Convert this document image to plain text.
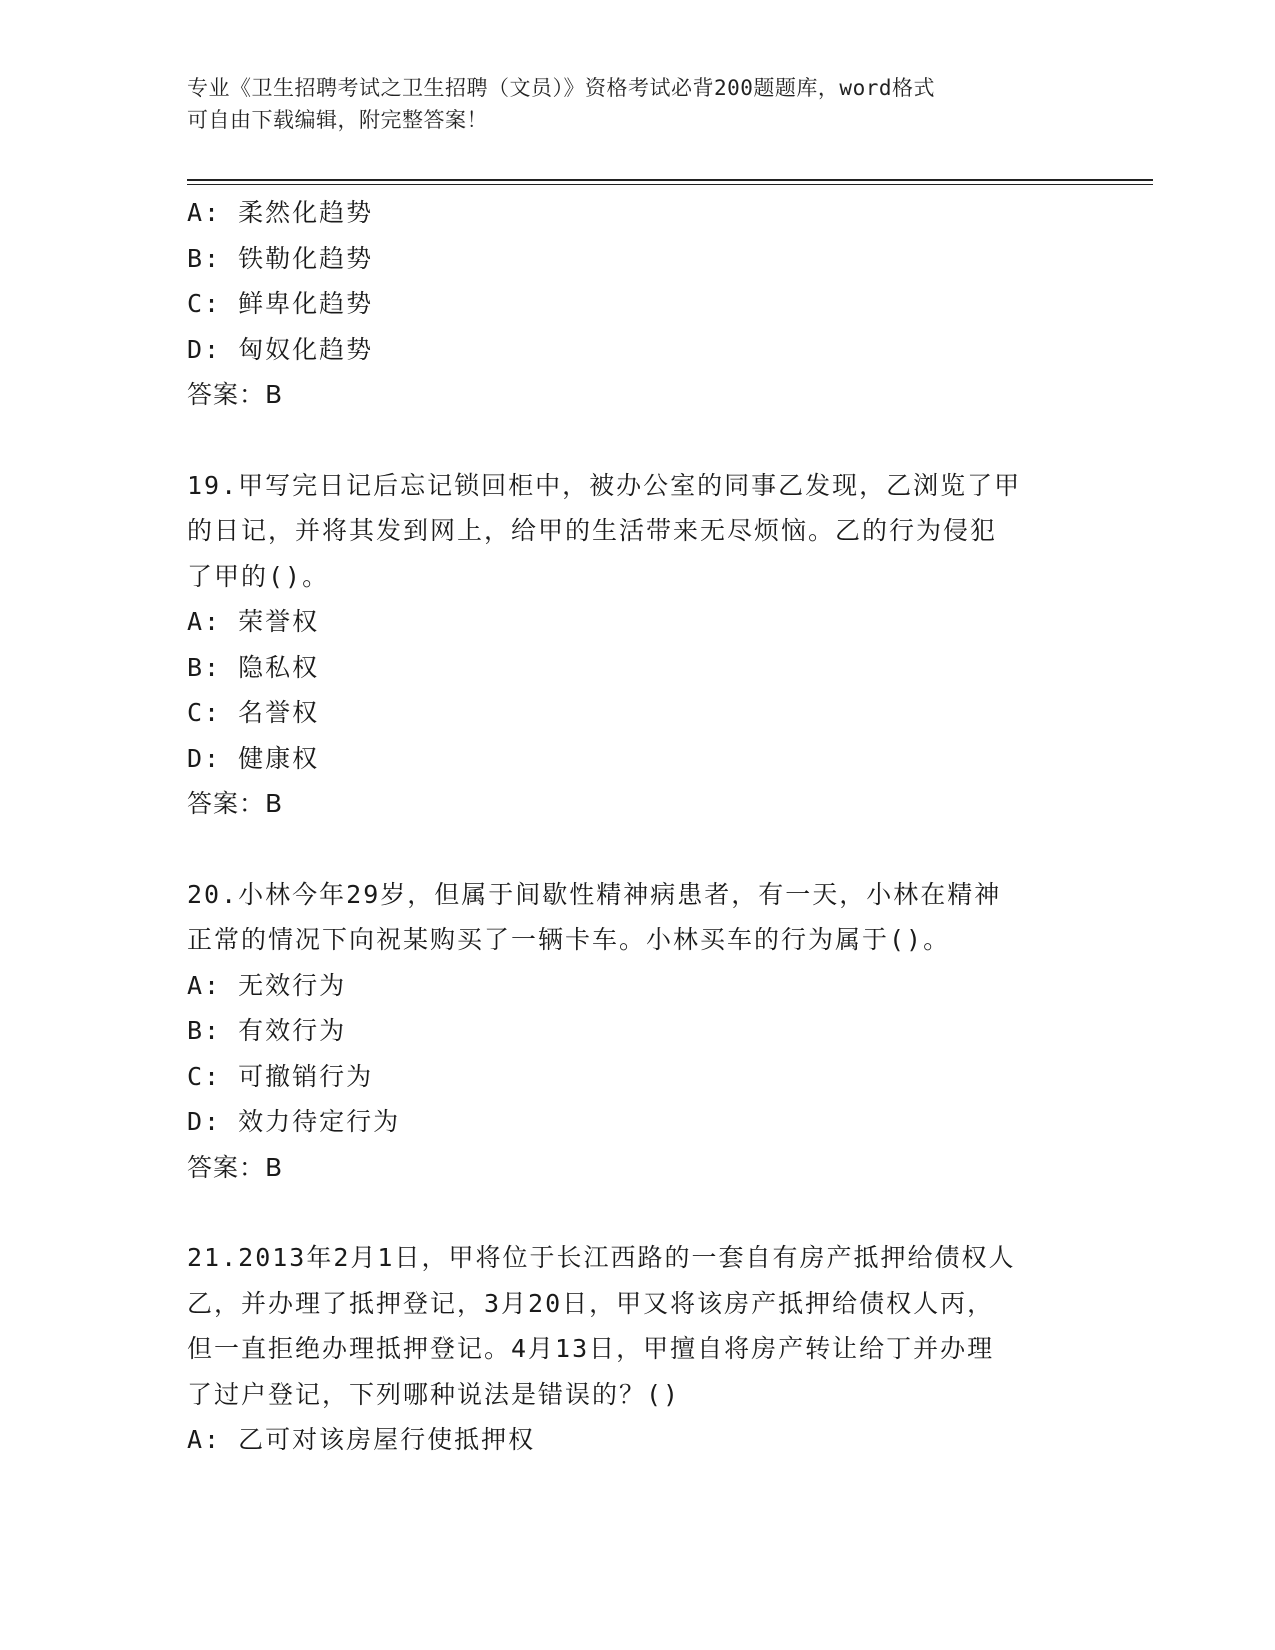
专业《卫生招聘考试之卫生招聘（文员）》资格考试必背200题题库，word格式
可自由下载编辑，附完整答案！
A: 柔然化趋势
B: 铁勒化趋势
C: 鲜卑化趋势
D: 匈奴化趋势
答案：B
19.甲写完日记后忘记锁回柜中，被办公室的同事乙发现，乙浏览了甲
的日记，并将其发到网上，给甲的生活带来无尽烦恼。乙的行为侵犯
了甲的()。
A: 荣誉权
B: 隐私权
C: 名誉权
D: 健康权
答案：B
20.小林今年29岁，但属于间歇性精神病患者，有一天，小林在精神
正常的情况下向祝某购买了一辆卡车。小林买车的行为属于()。
A: 无效行为
B: 有效行为
C: 可撤销行为
D: 效力待定行为
答案：B
21.2013年2月1日，甲将位于长江西路的一套自有房产抵押给债权人
乙，并办理了抵押登记，3月20日，甲又将该房产抵押给债权人丙，
但一直拒绝办理抵押登记。4月13日，甲擅自将房产转让给丁并办理
了过户登记，下列哪种说法是错误的？()
A: 乙可对该房屋行使抵押权
